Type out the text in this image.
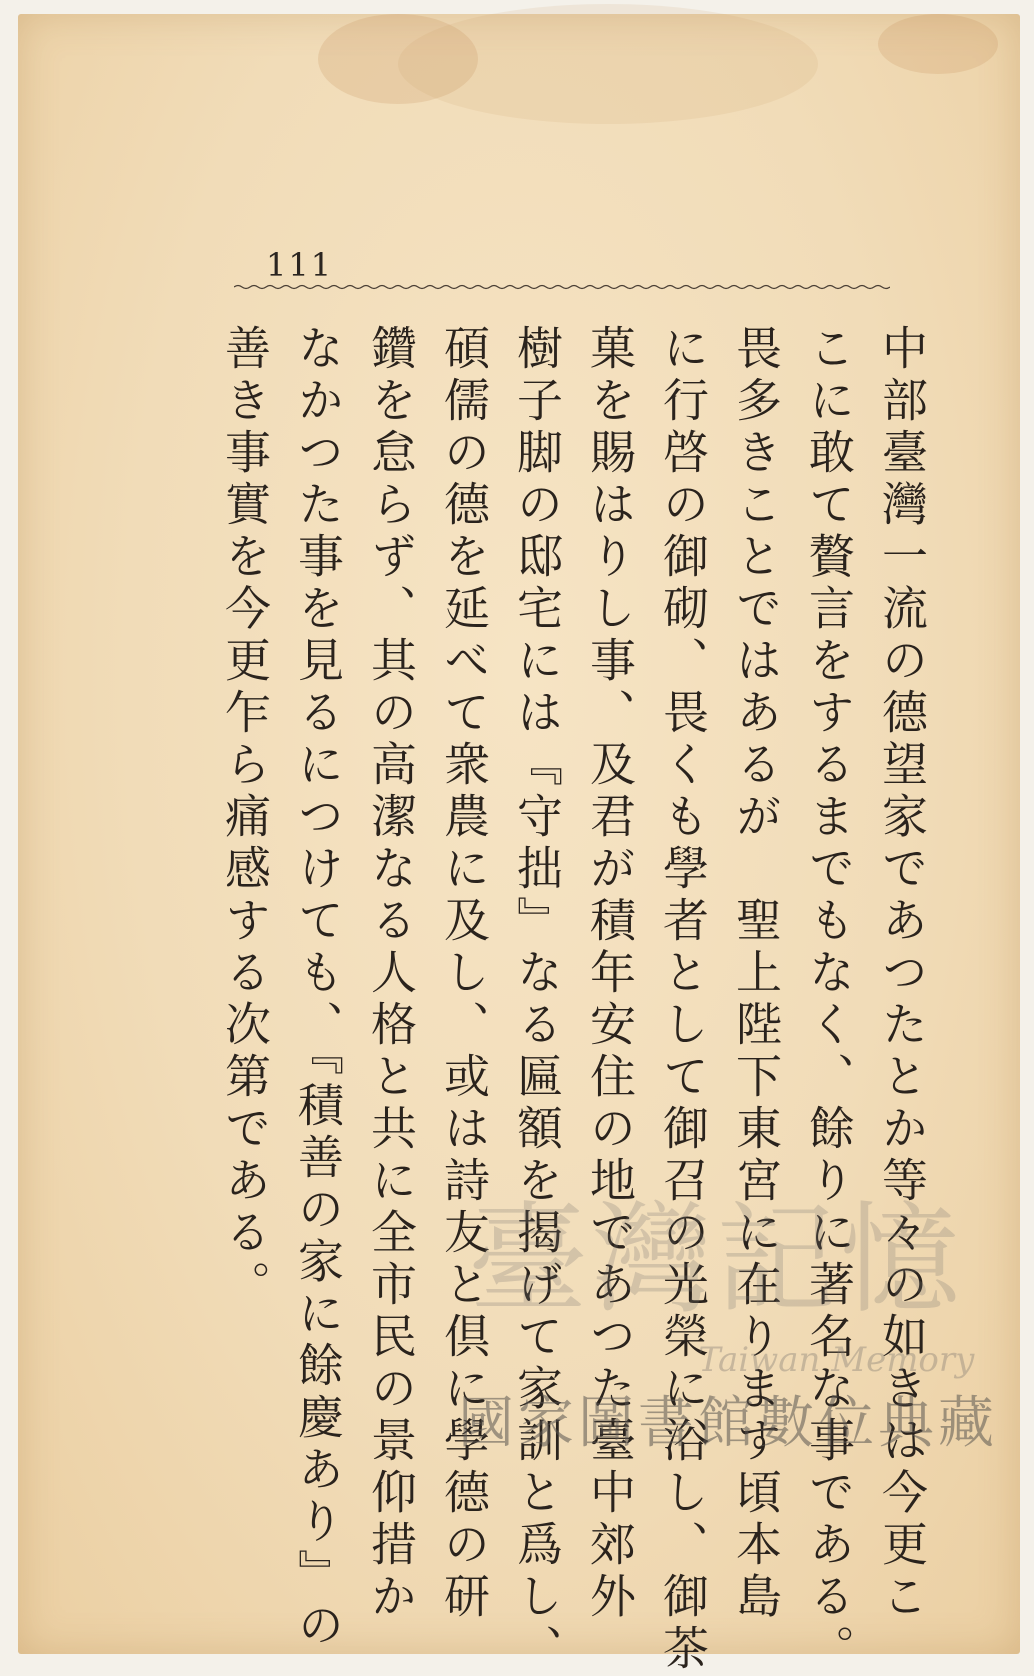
111
中部臺灣一流の德望家であつたとか等々の如きは今更こ
こに敢て贅言をするまでもなく、餘りに著名な事である。
畏多きことではあるが　聖上陛下東宮に在ります頃本島
に行啓の御砌、畏くも學者として御召の光榮に浴し、御茶
菓を賜はりし事、及君が積年安住の地であつた臺中郊外
樹子脚の邸宅には『守拙』なる匾額を揭げて家訓と爲し、
碩儒の德を延べて衆農に及し、或は詩友と倶に學德の研
鑽を怠らず、其の高潔なる人格と共に全市民の景仰措か
なかつた事を見るにつけても、『積善の家に餘慶あり』の
善き事實を今更乍ら痛感する次第である。 臺灣記憶
Taiwan Memory
國家圖書館數位典藏
